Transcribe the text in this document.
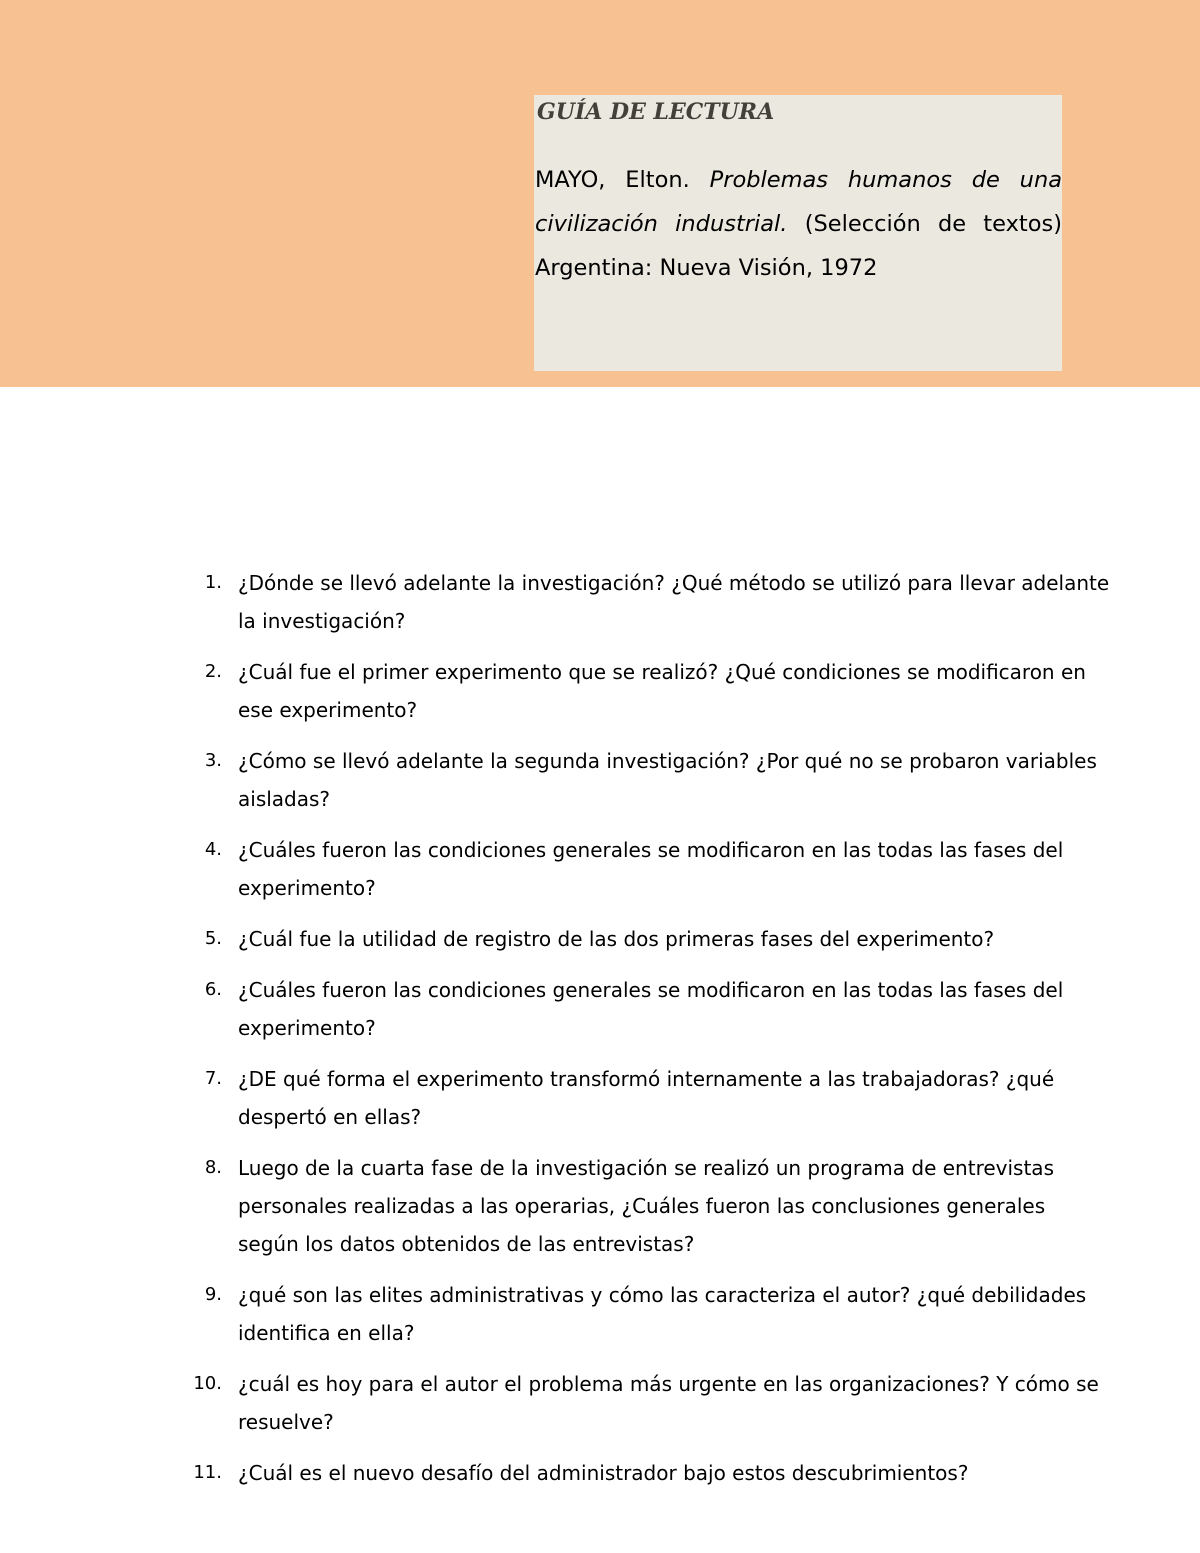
GUÍA DE LECTURA

MAYO, Elton. Problemas humanos de una civilización industrial. (Selección de textos) Argentina: Nueva Visión, 1972

1. ¿Dónde se llevó adelante la investigación? ¿Qué método se utilizó para llevar adelante la investigación?
2. ¿Cuál fue el primer experimento que se realizó? ¿Qué condiciones se modificaron en ese experimento?
3. ¿Cómo se llevó adelante la segunda investigación? ¿Por qué no se probaron variables aisladas?
4. ¿Cuáles fueron las condiciones generales se modificaron en las todas las fases del experimento?
5. ¿Cuál fue la utilidad de registro de las dos primeras fases del experimento?
6. ¿Cuáles fueron las condiciones generales se modificaron en las todas las fases del experimento?
7. ¿DE qué forma el experimento transformó internamente a las trabajadoras? ¿qué despertó en ellas?
8. Luego de la cuarta fase de la investigación se realizó un programa de entrevistas personales realizadas a las operarias, ¿Cuáles fueron las conclusiones generales según los datos obtenidos de las entrevistas?
9. ¿qué son las elites administrativas y cómo las caracteriza el autor? ¿qué debilidades identifica en ella?
10. ¿cuál es hoy para el autor el problema más urgente en las organizaciones? Y cómo se resuelve?
11. ¿Cuál es el nuevo desafío del administrador bajo estos descubrimientos?
